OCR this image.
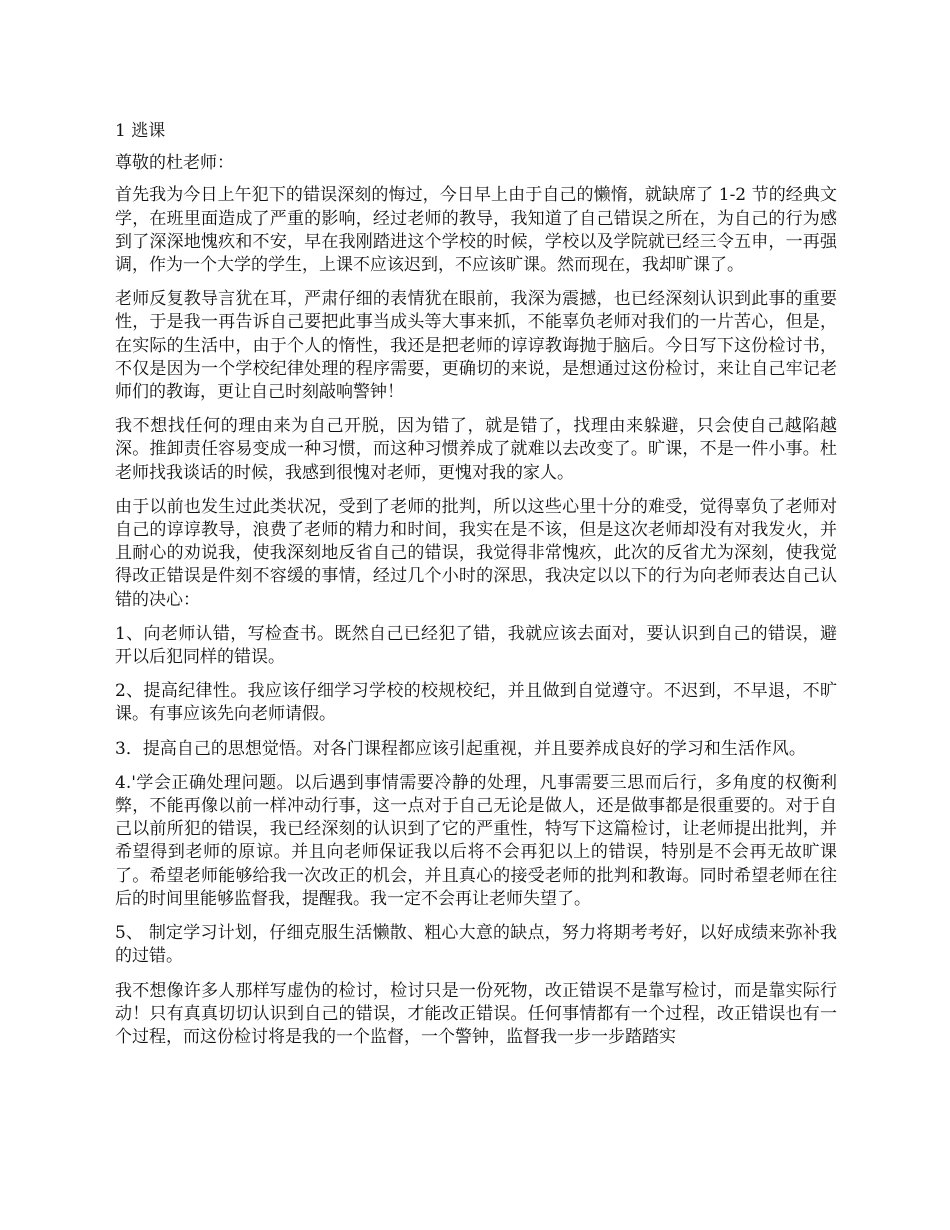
1 逃课

尊敬的杜老师：

首先我为今日上午犯下的错误深刻的悔过，今日早上由于自己的懒惰，就缺席了 1-2 节的经典文学，在班里面造成了严重的影响，经过老师的教导，我知道了自己错误之所在，为自己的行为感到了深深地愧疚和不安，早在我刚踏进这个学校的时候，学校以及学院就已经三令五申，一再强调，作为一个大学的学生，上课不应该迟到，不应该旷课。然而现在，我却旷课了。

老师反复教导言犹在耳，严肃仔细的表情犹在眼前，我深为震撼，也已经深刻认识到此事的重要性，于是我一再告诉自己要把此事当成头等大事来抓，不能辜负老师对我们的一片苦心，但是，在实际的生活中，由于个人的惰性，我还是把老师的谆谆教诲抛于脑后。今日写下这份检讨书，不仅是因为一个学校纪律处理的程序需要，更确切的来说，是想通过这份检讨，来让自己牢记老师们的教诲，更让自己时刻敲响警钟！

我不想找任何的理由来为自己开脱，因为错了，就是错了，找理由来躲避，只会使自己越陷越深。推卸责任容易变成一种习惯，而这种习惯养成了就难以去改变了。旷课，不是一件小事。杜老师找我谈话的时候，我感到很愧对老师，更愧对我的家人。

由于以前也发生过此类状况，受到了老师的批判，所以这些心里十分的难受，觉得辜负了老师对自己的谆谆教导，浪费了老师的精力和时间，我实在是不该，但是这次老师却没有对我发火，并且耐心的劝说我，使我深刻地反省自己的错误，我觉得非常愧疚，此次的反省尤为深刻，使我觉得改正错误是件刻不容缓的事情，经过几个小时的深思，我决定以以下的行为向老师表达自己认错的决心：

1、向老师认错，写检查书。既然自己已经犯了错，我就应该去面对，要认识到自己的错误，避开以后犯同样的错误。

2、提高纪律性。我应该仔细学习学校的校规校纪，并且做到自觉遵守。不迟到，不早退，不旷课。有事应该先向老师请假。

3．提高自己的思想觉悟。对各门课程都应该引起重视，并且要养成良好的学习和生活作风。

4.'学会正确处理问题。以后遇到事情需要冷静的处理，凡事需要三思而后行，多角度的权衡利弊，不能再像以前一样冲动行事，这一点对于自己无论是做人，还是做事都是很重要的。对于自己以前所犯的错误，我已经深刻的认识到了它的严重性，特写下这篇检讨，让老师提出批判，并希望得到老师的原谅。并且向老师保证我以后将不会再犯以上的错误，特别是不会再无故旷课了。希望老师能够给我一次改正的机会，并且真心的接受老师的批判和教诲。同时希望老师在往后的时间里能够监督我，提醒我。我一定不会再让老师失望了。

5、 制定学习计划，仔细克服生活懒散、粗心大意的缺点，努力将期考考好，以好成绩来弥补我的过错。

我不想像许多人那样写虚伪的检讨，检讨只是一份死物，改正错误不是靠写检讨，而是靠实际行动！只有真真切切认识到自己的错误，才能改正错误。任何事情都有一个过程，改正错误也有一个过程，而这份检讨将是我的一个监督，一个警钟，监督我一步一步踏踏实
